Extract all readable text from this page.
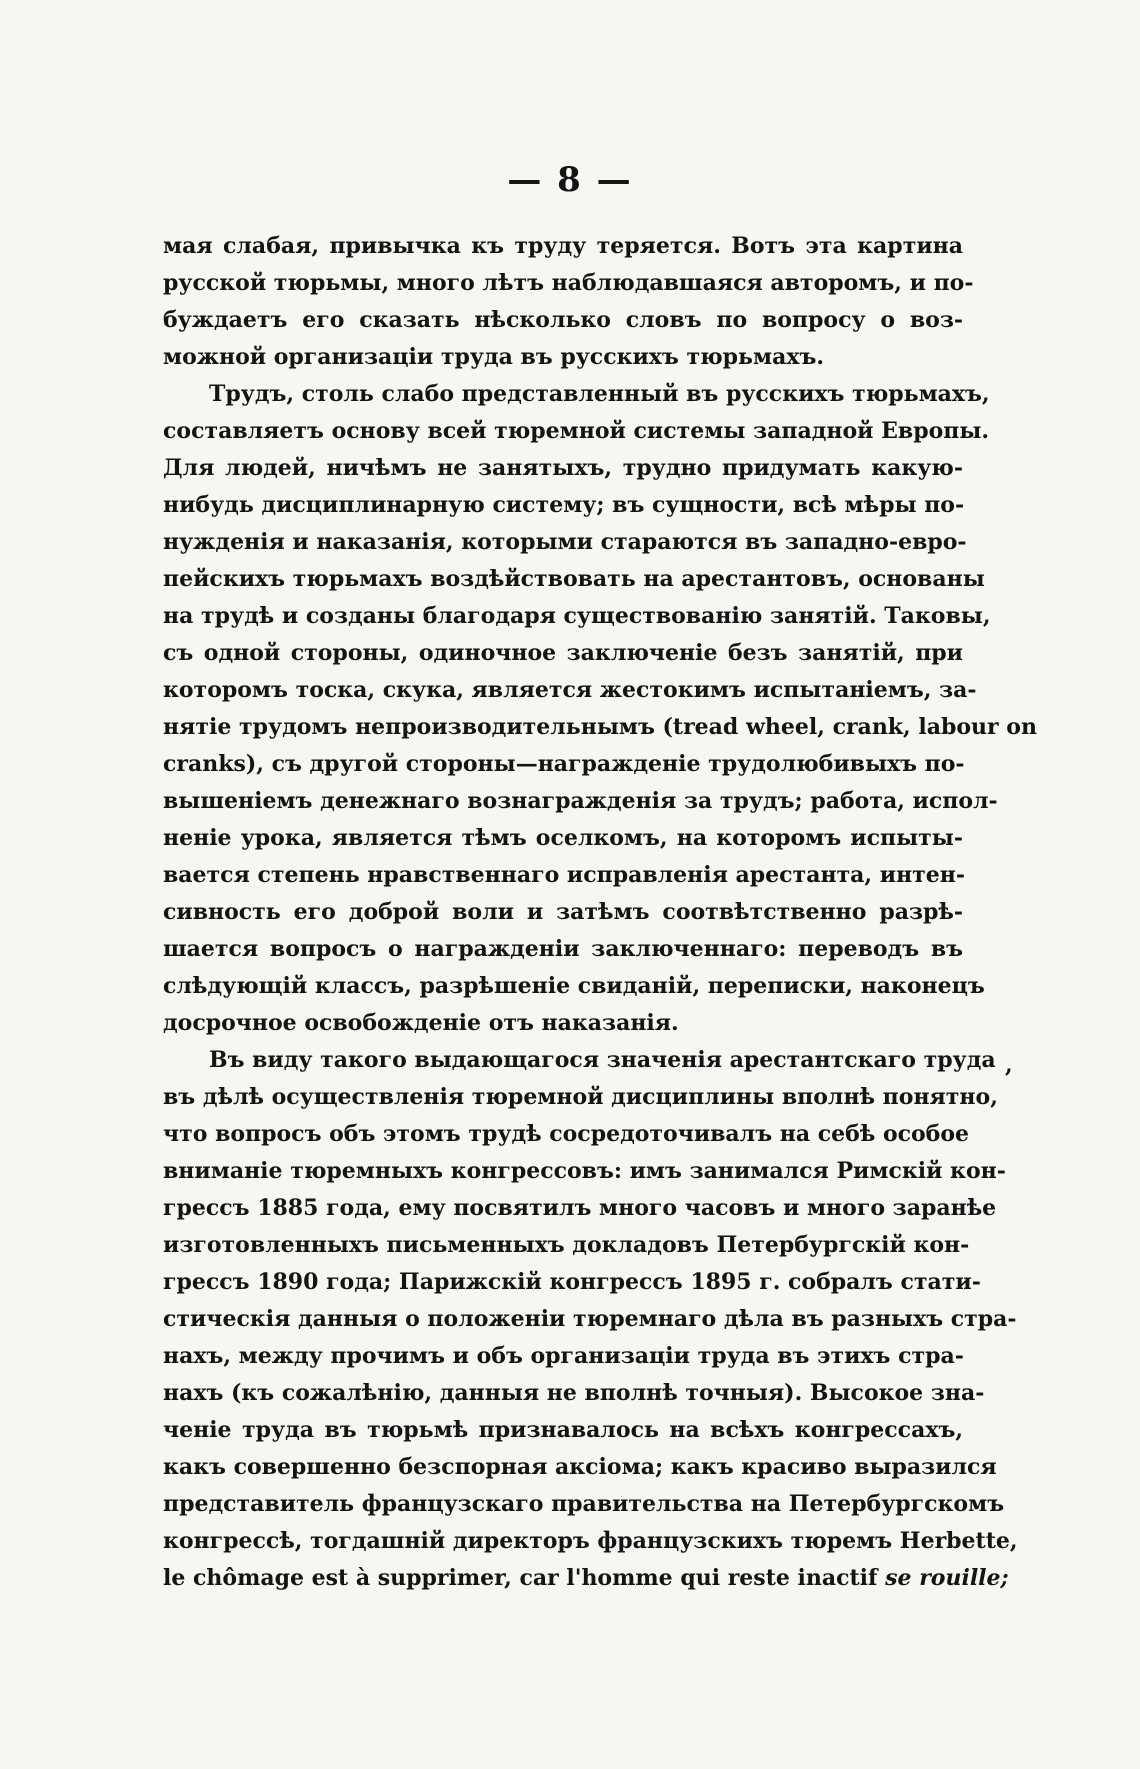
— 8 —
мая слабая, привычка къ труду теряется. Вотъ эта картина
русской тюрьмы, много лѣтъ наблюдавшаяся авторомъ, и по-
буждаетъ его сказать нѣсколько словъ по вопросу о воз-
можной организаціи труда въ русскихъ тюрьмахъ.
Трудъ, столь слабо представленный въ русскихъ тюрьмахъ,
составляетъ основу всей тюремной системы западной Европы.
Для людей, ничѣмъ не занятыхъ, трудно придумать какую-
нибудь дисциплинарную систему; въ сущности, всѣ мѣры по-
нужденія и наказанія, которыми стараются въ западно-евро-
пейскихъ тюрьмахъ воздѣйствовать на арестантовъ, основаны
на трудѣ и созданы благодаря существованію занятій. Таковы,
съ одной стороны, одиночное заключеніе безъ занятій, при
которомъ тоска, скука, является жестокимъ испытаніемъ, за-
нятіе трудомъ непроизводительнымъ (tread wheel, crank, labour on
cranks), съ другой стороны—награжденіе трудолюбивыхъ по-
вышеніемъ денежнаго вознагражденія за трудъ; работа, испол-
неніе урока, является тѣмъ оселкомъ, на которомъ испыты-
вается степень нравственнаго исправленія арестанта, интен-
сивность его доброй воли и затѣмъ соотвѣтственно разрѣ-
шается вопросъ о награжденіи заключеннаго: переводъ въ
слѣдующій классъ, разрѣшеніе свиданій, переписки, наконецъ
досрочное освобожденіе отъ наказанія.
Въ виду такого выдающагося значенія арестантскаго труда
въ дѣлѣ осуществленія тюремной дисциплины вполнѣ понятно,
что вопросъ объ этомъ трудѣ сосредоточивалъ на себѣ особое
вниманіе тюремныхъ конгрессовъ: имъ занимался Римскій кон-
грессъ 1885 года, ему посвятилъ много часовъ и много заранѣе
изготовленныхъ письменныхъ докладовъ Петербургскій кон-
грессъ 1890 года; Парижскій конгрессъ 1895 г. собралъ стати-
стическія данныя о положеніи тюремнаго дѣла въ разныхъ стра-
нахъ, между прочимъ и объ организаціи труда въ этихъ стра-
нахъ (къ сожалѣнію, данныя не вполнѣ точныя). Высокое зна-
ченіе труда въ тюрьмѣ признавалось на всѣхъ конгрессахъ,
какъ совершенно безспорная аксіома; какъ красиво выразился
представитель французскаго правительства на Петербургскомъ
конгрессѣ, тогдашній директоръ французскихъ тюремъ Herbette,
le chômage est à supprimer, car l'homme qui reste inactif se rouille;
,
